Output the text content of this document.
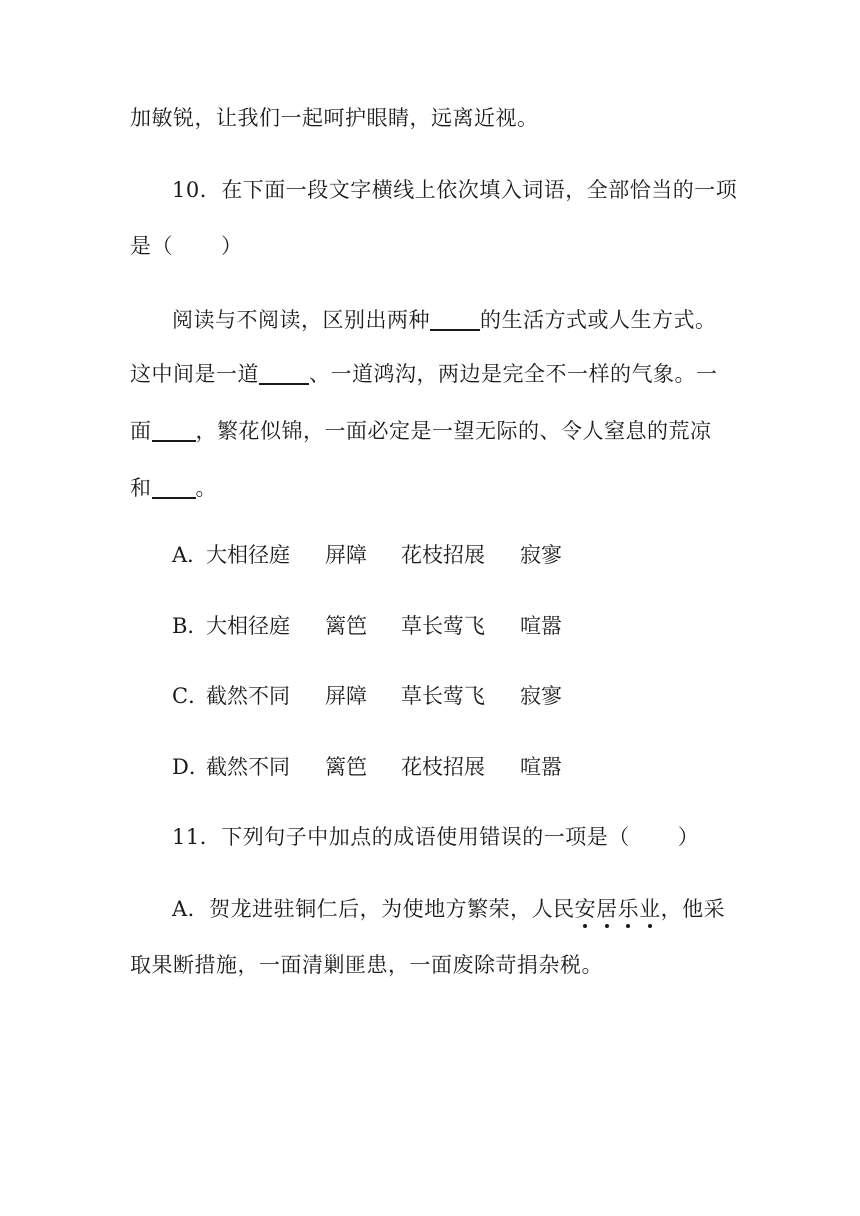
加敏锐，让我们一起呵护眼睛，远离近视。
10．在下面一段文字横线上依次填入词语，全部恰当的一项
是（ ）
阅读与不阅读，区别出两种 的生活方式或人生方式。
这中间是一道 、一道鸿沟，两边是完全不一样的气象。一
面 ，繁花似锦，一面必定是一望无际的、令人窒息的荒凉
和 。
A．
大相径庭 屏障 花枝招展 寂寥
B．
大相径庭 篱笆 草长莺飞 喧嚣
C．
截然不同 屏障 草长莺飞 寂寥
D．
截然不同 篱笆 花枝招展 喧嚣
11．下列句子中加点的成语使用错误的一项是（ ）
A．贺龙进驻铜仁后，为使地方繁荣，人民安居乐业，他采
取果断措施，一面清剿匪患，一面废除苛捐杂税。
